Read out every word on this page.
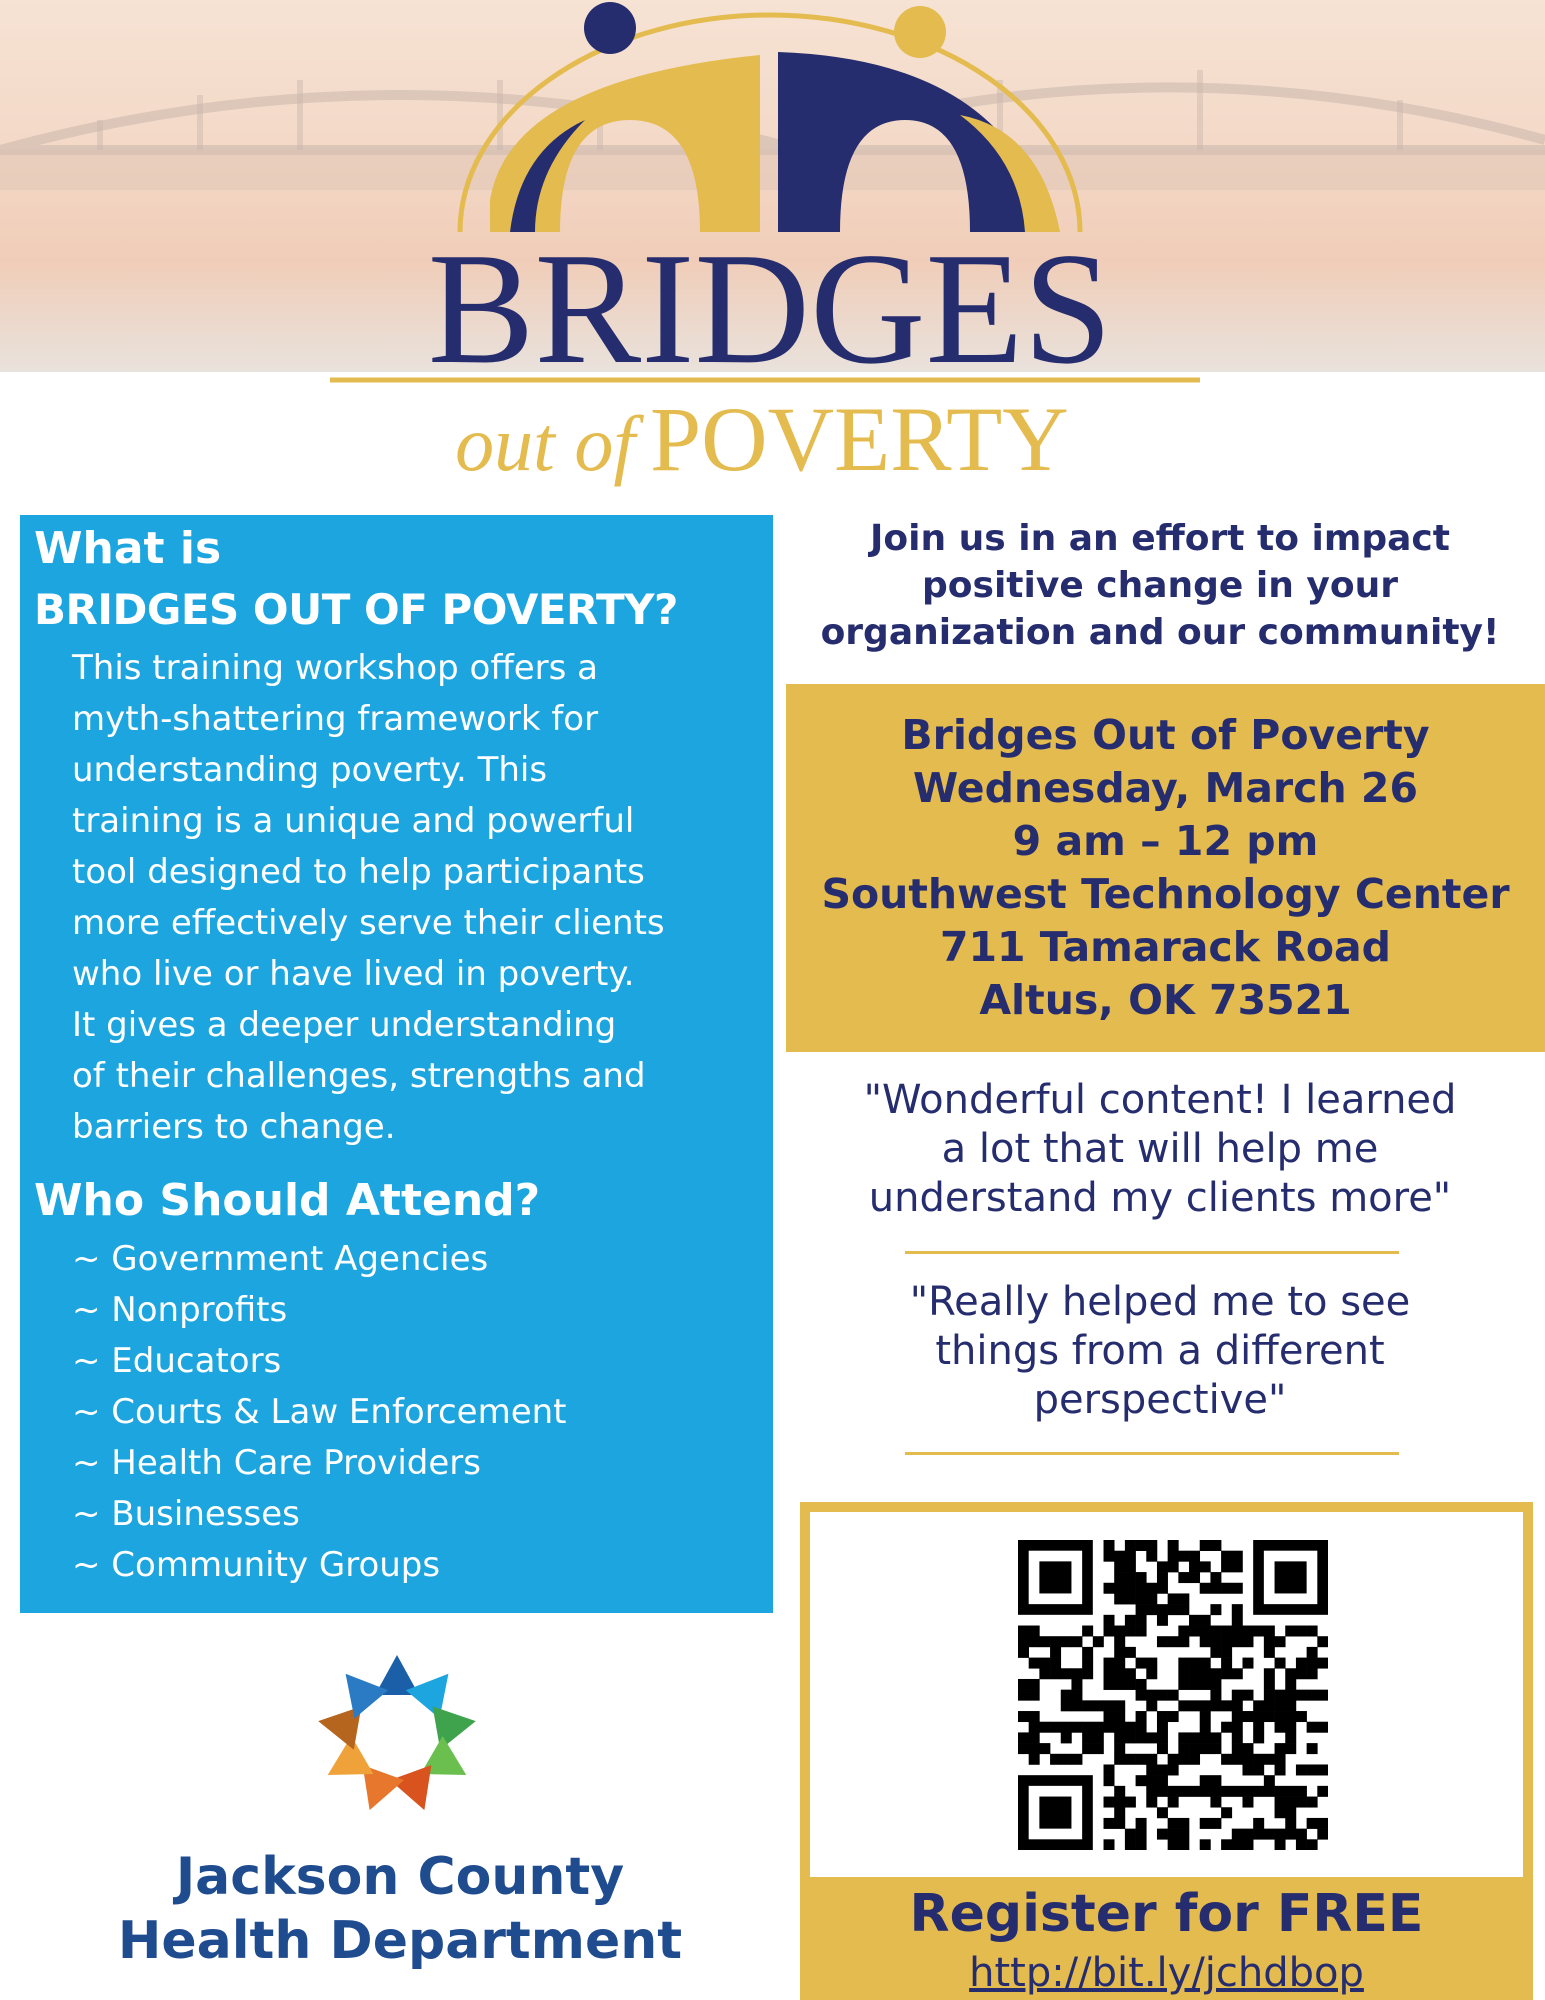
BRIDGES
out of POVERTY
What is
BRIDGES OUT OF POVERTY?
This training workshop offers a
myth-shattering framework for
understanding poverty. This
training is a unique and powerful
tool designed to help participants
more effectively serve their clients
who live or have lived in poverty.
It gives a deeper understanding
of their challenges, strengths and
barriers to change.
Who Should Attend?
~ Government Agencies
~ Nonprofits
~ Educators
~ Courts & Law Enforcement
~ Health Care Providers
~ Businesses
~ Community Groups
Join us in an effort to impact
positive change in your
organization and our community!
Bridges Out of Poverty
Wednesday, March 26
9 am – 12 pm
Southwest Technology Center
711 Tamarack Road
Altus, OK 73521
"Wonderful content! I learned
a lot that will help me
understand my clients more"
"Really helped me to see
things from a different
perspective"
Register for FREE
http://bit.ly/jchdbop
Jackson County
Health Department
